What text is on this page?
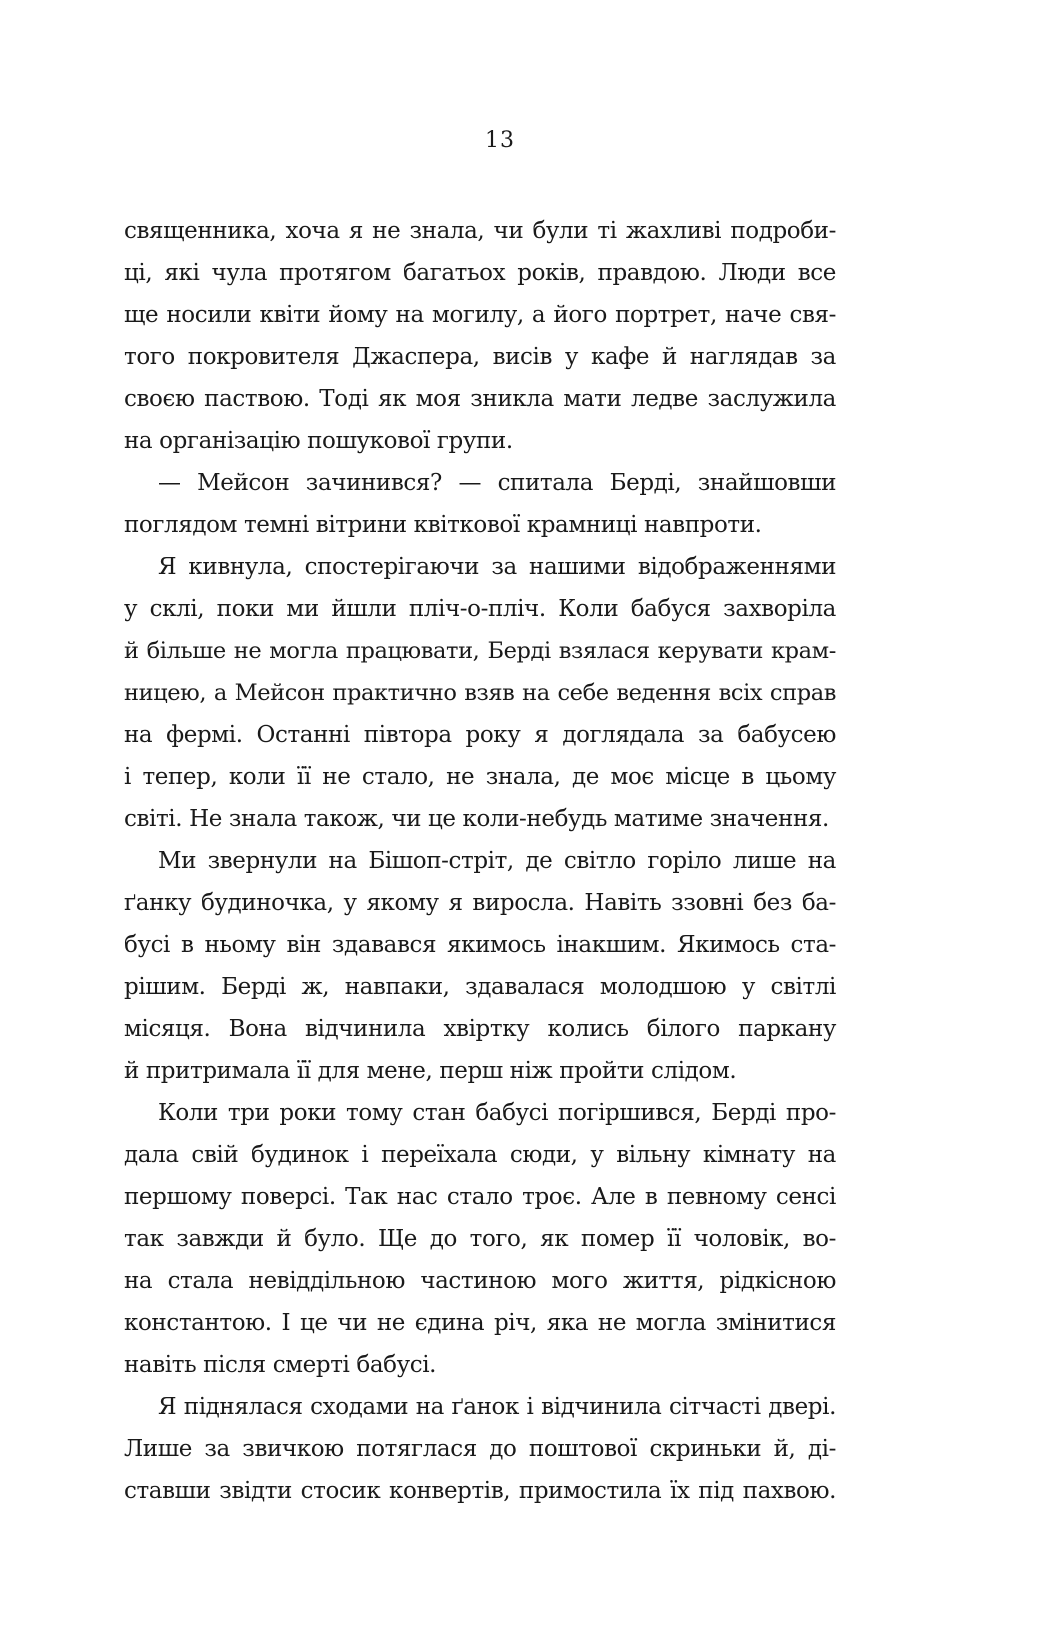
13
священника, хоча я не знала, чи були ті жахливі подроби-
ці, які чула протягом багатьох років, правдою. Люди все
ще носили квіти йому на могилу, а його портрет, наче свя-
того покровителя Джаспера, висів у кафе й наглядав за
своєю паствою. Тоді як моя зникла мати ледве заслужила
на організацію пошукової групи.
— Мейсон зачинився? — спитала Берді, знайшовши
поглядом темні вітрини квіткової крамниці навпроти.
Я кивнула, спостерігаючи за нашими відображеннями
у склі, поки ми йшли пліч-о-пліч. Коли бабуся захворіла
й більше не могла працювати, Берді взялася керувати крам-
ницею, а Мейсон практично взяв на себе ведення всіх справ
на фермі. Останні півтора року я доглядала за бабусею
і тепер, коли її не стало, не знала, де моє місце в цьому
світі. Не знала також, чи це коли-небудь матиме значення.
Ми звернули на Бішоп-стріт, де світло горіло лише на
ґанку будиночка, у якому я виросла. Навіть ззовні без ба-
бусі в ньому він здавався якимось інакшим. Якимось ста-
рішим. Берді ж, навпаки, здавалася молодшою у світлі
місяця. Вона відчинила хвіртку колись білого паркану
й притримала її для мене, перш ніж пройти слідом.
Коли три роки тому стан бабусі погіршився, Берді про-
дала свій будинок і переїхала сюди, у вільну кімнату на
першому поверсі. Так нас стало троє. Але в певному сенсі
так завжди й було. Ще до того, як помер її чоловік, во-
на стала невіддільною частиною мого життя, рідкісною
константою. І це чи не єдина річ, яка не могла змінитися
навіть після смерті бабусі.
Я піднялася сходами на ґанок і відчинила сітчасті двері.
Лише за звичкою потяглася до поштової скриньки й, ді-
ставши звідти стосик конвертів, примостила їх під пахвою.
